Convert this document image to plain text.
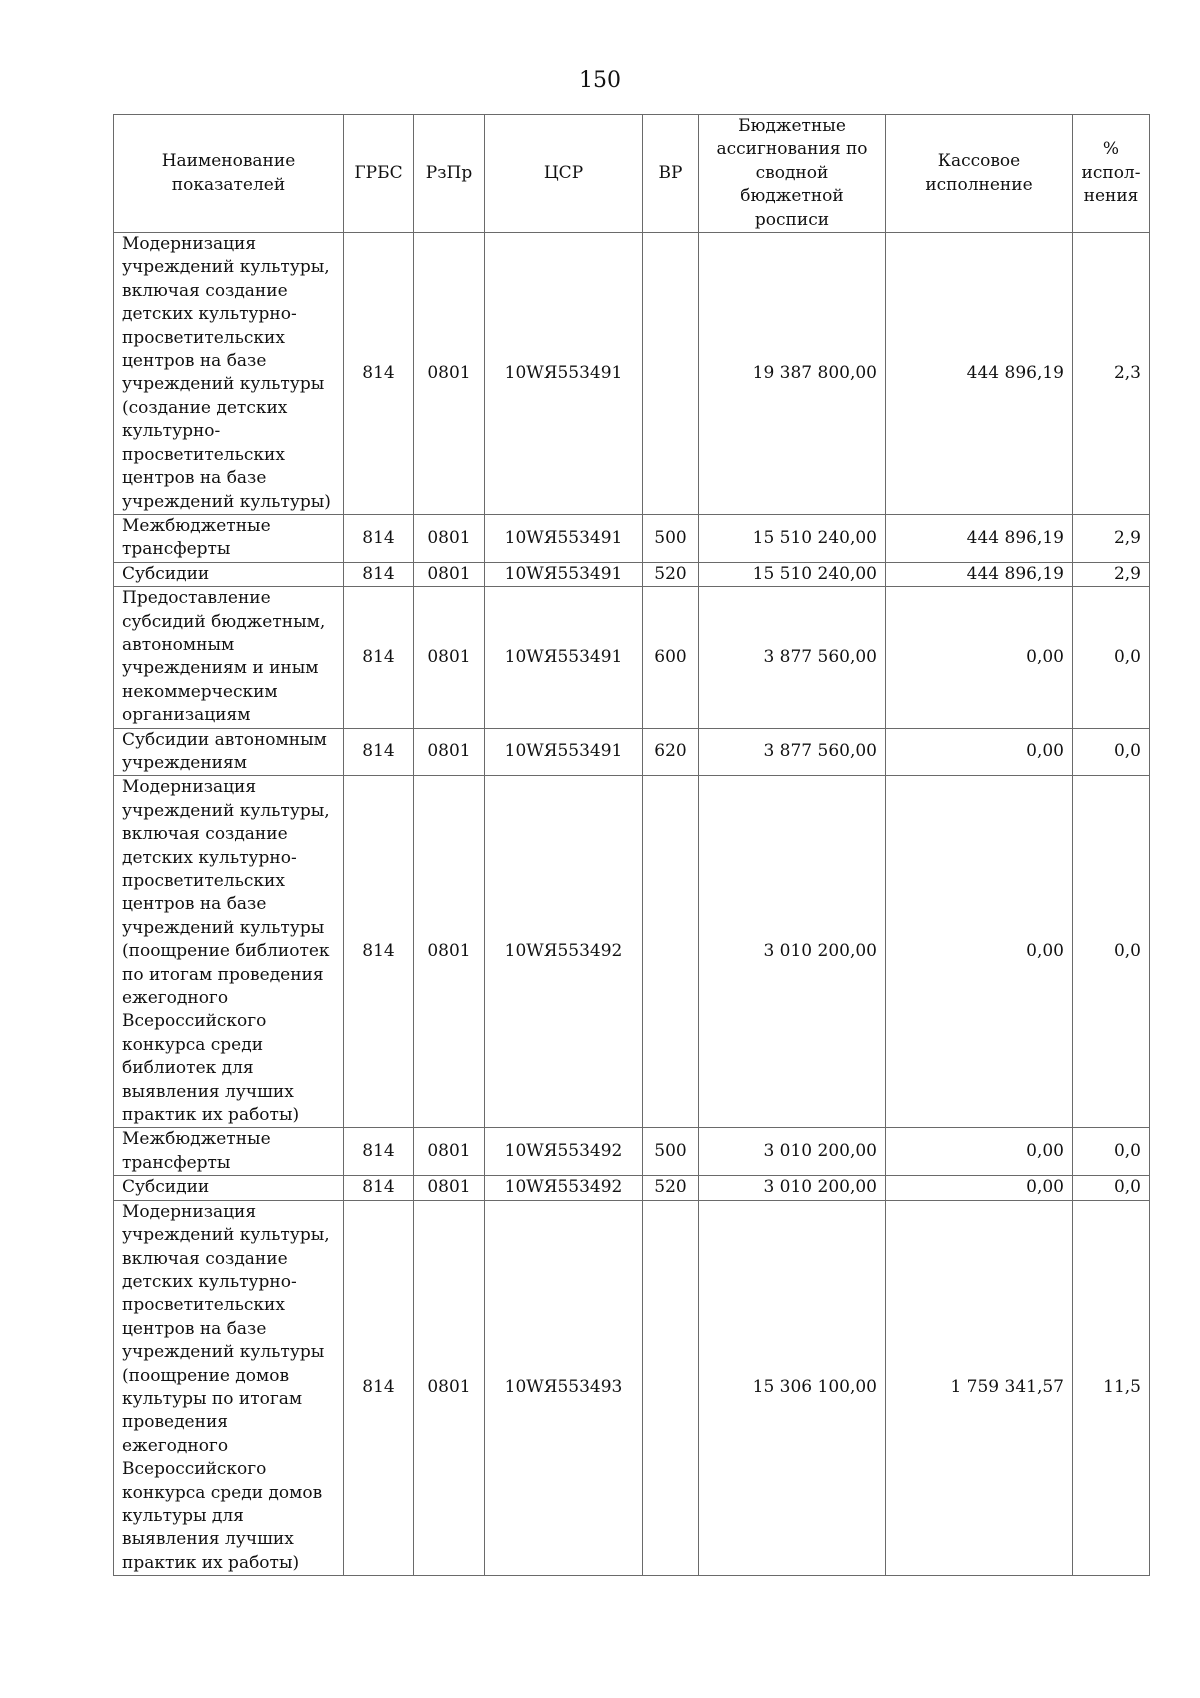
150
Наименование показателей	ГРБС	РзПр	ЦСР	ВР	Бюджетные ассигнования по сводной бюджетной росписи	Кассовое исполнение	% испол-нения
Модернизация учреждений культуры, включая создание детских культурно-просветительских центров на базе учреждений культуры (создание детских культурно-просветительских центров на базе учреждений культуры)	814	0801	10WЯ553491		19 387 800,00	444 896,19	2,3
Межбюджетные трансферты	814	0801	10WЯ553491	500	15 510 240,00	444 896,19	2,9
Субсидии	814	0801	10WЯ553491	520	15 510 240,00	444 896,19	2,9
Предоставление субсидий бюджетным, автономным учреждениям и иным некоммерческим организациям	814	0801	10WЯ553491	600	3 877 560,00	0,00	0,0
Субсидии автономным учреждениям	814	0801	10WЯ553491	620	3 877 560,00	0,00	0,0
Модернизация учреждений культуры, включая создание детских культурно-просветительских центров на базе учреждений культуры (поощрение библиотек по итогам проведения ежегодного Всероссийского конкурса среди библиотек для выявления лучших практик их работы)	814	0801	10WЯ553492		3 010 200,00	0,00	0,0
Межбюджетные трансферты	814	0801	10WЯ553492	500	3 010 200,00	0,00	0,0
Субсидии	814	0801	10WЯ553492	520	3 010 200,00	0,00	0,0
Модернизация учреждений культуры, включая создание детских культурно-просветительских центров на базе учреждений культуры (поощрение домов культуры по итогам проведения ежегодного Всероссийского конкурса среди домов культуры для выявления лучших практик их работы)	814	0801	10WЯ553493		15 306 100,00	1 759 341,57	11,5
